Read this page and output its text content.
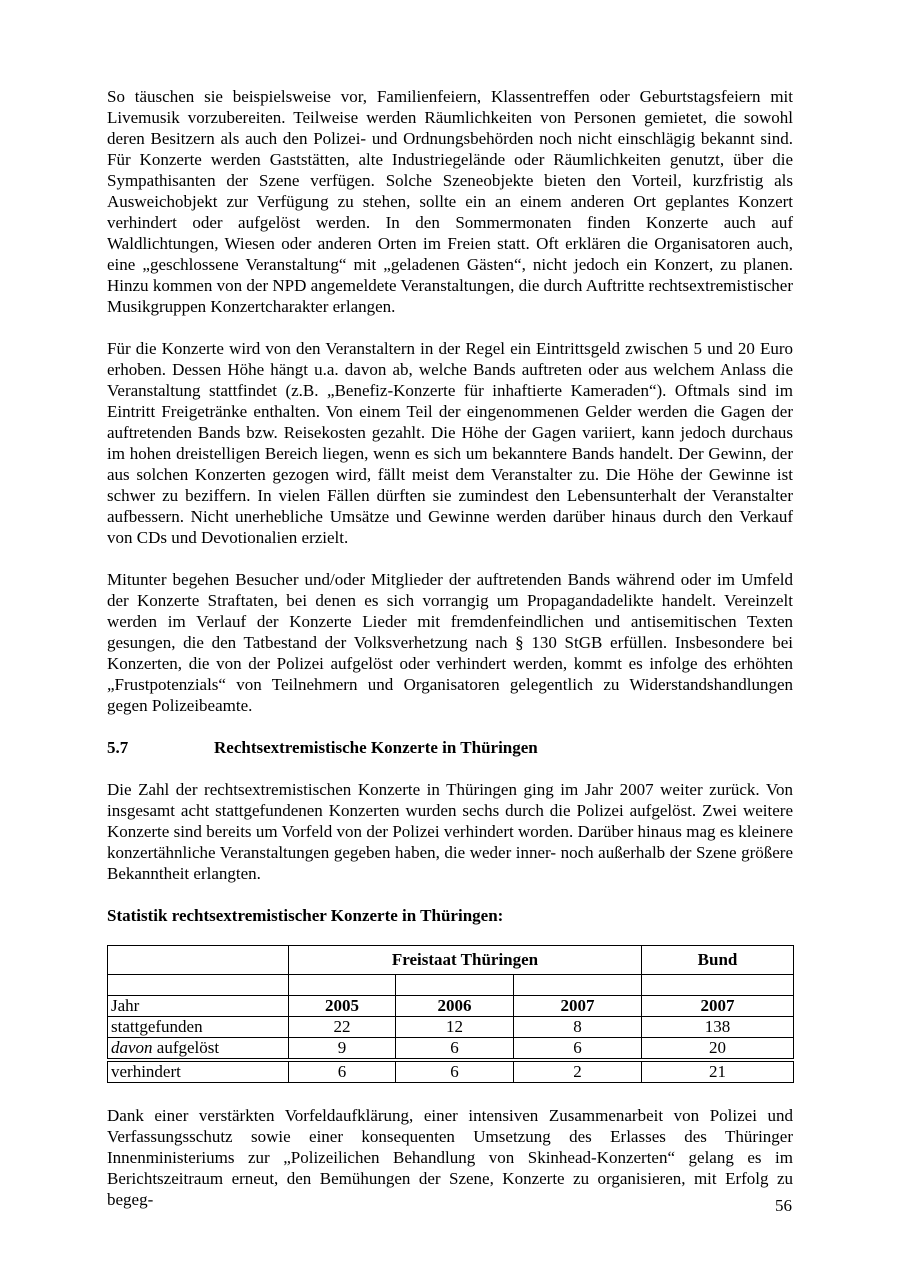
So täuschen sie beispielsweise vor, Familienfeiern, Klassentreffen oder Geburtstagsfeiern mit Livemusik vorzubereiten. Teilweise werden Räumlichkeiten von Personen gemietet, die sowohl deren Besitzern als auch den Polizei- und Ordnungsbehörden noch nicht einschlägig bekannt sind. Für Konzerte werden Gaststätten, alte Industriegelände oder Räumlichkeiten genutzt, über die Sympathisanten der Szene verfügen. Solche Szeneobjekte bieten den Vorteil, kurzfristig als Ausweichobjekt zur Verfügung zu stehen, sollte ein an einem anderen Ort geplantes Konzert verhindert oder aufgelöst werden. In den Sommermonaten finden Konzerte auch auf Waldlichtungen, Wiesen oder anderen Orten im Freien statt. Oft erklären die Organisatoren auch, eine „geschlossene Veranstaltung“ mit „geladenen Gästen“, nicht jedoch ein Konzert, zu planen. Hinzu kommen von der NPD angemeldete Veranstaltungen, die durch Auftritte rechtsextremistischer Musikgruppen Konzertcharakter erlangen.

Für die Konzerte wird von den Veranstaltern in der Regel ein Eintrittsgeld zwischen 5 und 20 Euro erhoben. Dessen Höhe hängt u.a. davon ab, welche Bands auftreten oder aus welchem Anlass die Veranstaltung stattfindet (z.B. „Benefiz-Konzerte für inhaftierte Kameraden“). Oftmals sind im Eintritt Freigetränke enthalten. Von einem Teil der eingenommenen Gelder werden die Gagen der auftretenden Bands bzw. Reisekosten gezahlt. Die Höhe der Gagen variiert, kann jedoch durchaus im hohen dreistelligen Bereich liegen, wenn es sich um bekanntere Bands handelt. Der Gewinn, der aus solchen Konzerten gezogen wird, fällt meist dem Veranstalter zu. Die Höhe der Gewinne ist schwer zu beziffern. In vielen Fällen dürften sie zumindest den Lebensunterhalt der Veranstalter aufbessern. Nicht unerhebliche Umsätze und Gewinne werden darüber hinaus durch den Verkauf von CDs und Devotionalien erzielt.

Mitunter begehen Besucher und/oder Mitglieder der auftretenden Bands während oder im Umfeld der Konzerte Straftaten, bei denen es sich vorrangig um Propagandadelikte handelt. Vereinzelt werden im Verlauf der Konzerte Lieder mit fremdenfeindlichen und antisemitischen Texten gesungen, die den Tatbestand der Volksverhetzung nach § 130 StGB erfüllen. Insbesondere bei Konzerten, die von der Polizei aufgelöst oder verhindert werden, kommt es infolge des erhöhten „Frustpotenzials“ von Teilnehmern und Organisatoren gelegentlich zu Widerstandshandlungen gegen Polizeibeamte.

5.7	Rechtsextremistische Konzerte in Thüringen

Die Zahl der rechtsextremistischen Konzerte in Thüringen ging im Jahr 2007 weiter zurück. Von insgesamt acht stattgefundenen Konzerten wurden sechs durch die Polizei aufgelöst. Zwei weitere Konzerte sind bereits um Vorfeld von der Polizei verhindert worden. Darüber hinaus mag es kleinere konzertähnliche Veranstaltungen gegeben haben, die weder inner- noch außerhalb der Szene größere Bekanntheit erlangten.

Statistik rechtsextremistischer Konzerte in Thüringen:

	Freistaat Thüringen			Bund

Jahr	2005	2006	2007	2007
stattgefunden	22	12	8	138
davon aufgelöst	9	6	6	20
verhindert	6	6	2	21

Dank einer verstärkten Vorfeldaufklärung, einer intensiven Zusammenarbeit von Polizei und Verfassungsschutz sowie einer konsequenten Umsetzung des Erlasses des Thüringer Innenministeriums zur „Polizeilichen Behandlung von Skinhead-Konzerten“ gelang es im Berichtszeitraum erneut, den Bemühungen der Szene, Konzerte zu organisieren, mit Erfolg zu begeg-	56
